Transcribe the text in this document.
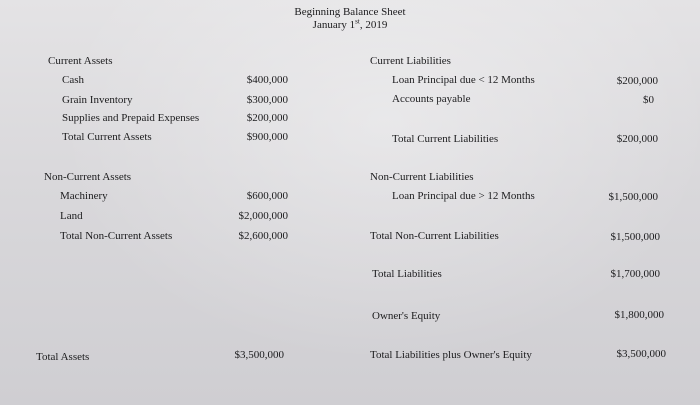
Beginning Balance Sheet
January 1st, 2019
Current Assets
Cash	$400,000
Grain Inventory	$300,000
Supplies and Prepaid Expenses	$200,000
Total Current Assets	$900,000
Non-Current Assets
Machinery	$600,000
Land	$2,000,000
Total Non-Current Assets	$2,600,000
Total Assets	$3,500,000
Current Liabilities
Loan Principal due < 12 Months	$200,000
Accounts payable	$0
Total Current Liabilities	$200,000
Non-Current Liabilities
Loan Principal due > 12 Months	$1,500,000
Total Non-Current Liabilities	$1,500,000
Total Liabilities	$1,700,000
Owner's Equity	$1,800,000
Total Liabilities plus Owner's Equity	$3,500,000
